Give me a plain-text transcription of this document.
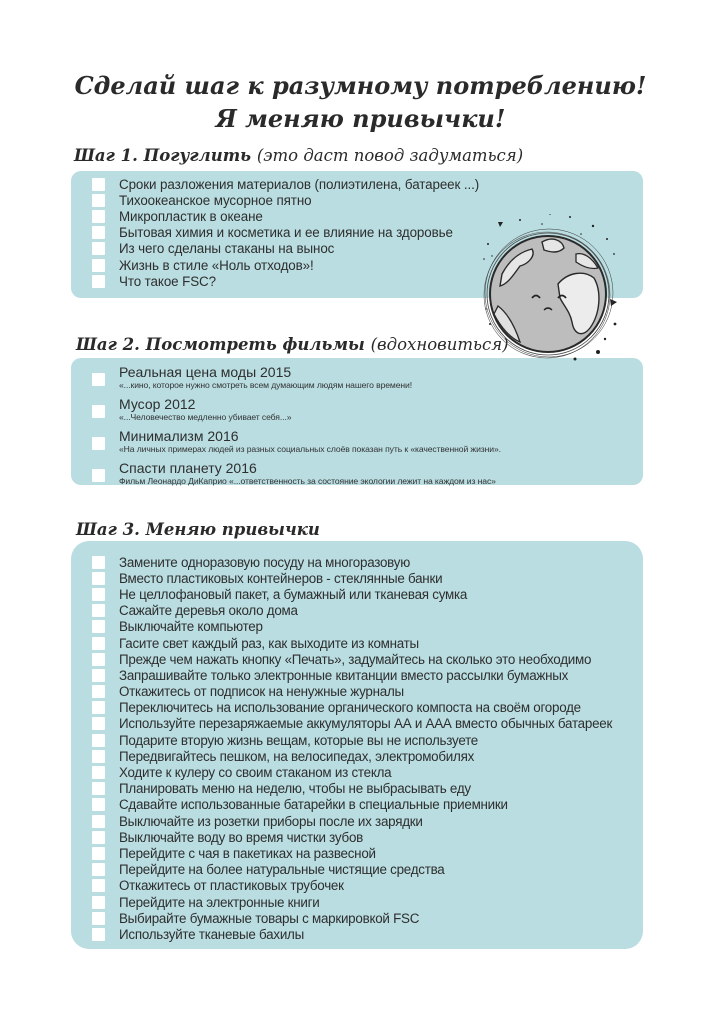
Сделай шаг к разумному потреблению!
Я меняю привычки!
Шаг 1. Погуглить (это даст повод задуматься)
Сроки разложения материалов (полиэтилена, батареек ...)
Тихоокеанское мусорное пятно
Микропластик в океане
Бытовая химия и косметика и ее влияние на здоровье
Из чего сделаны стаканы на вынос
Жизнь в стиле «Ноль отходов»!
Что такое FSC?
Шаг 2. Посмотреть фильмы (вдохновиться)
Реальная цена моды 2015
«...кино, которое нужно смотреть всем думающим людям нашего времени!
Мусор 2012
«...Человечество медленно убивает себя...»
Минимализм 2016
«На личных примерах людей из разных социальных слоёв показан путь к «качественной жизни».
Спасти планету 2016
Фильм Леонардо ДиКаприо «...ответственность за состояние экологии лежит на каждом из нас»
Шаг 3. Меняю привычки
Замените одноразовую посуду на многоразовую
Вместо пластиковых контейнеров - стеклянные банки
Не целлофановый пакет, а бумажный или тканевая сумка
Сажайте деревья около дома
Выключайте компьютер
Гасите свет каждый раз, как выходите из комнаты
Прежде чем нажать кнопку «Печать», задумайтесь на сколько это необходимо
Запрашивайте только электронные квитанции вместо рассылки бумажных
Откажитесь от подписок на ненужные журналы
Переключитесь на использование органического компоста на своём огороде
Используйте перезаряжаемые аккумуляторы АА и ААА вместо обычных батареек
Подарите вторую жизнь вещам, которые вы не используете
Передвигайтесь пешком, на велосипедах, электромобилях
Ходите к кулеру со своим стаканом из стекла
Планировать меню на неделю, чтобы не выбрасывать еду
Сдавайте использованные батарейки в специальные приемники
Выключайте из розетки приборы после их зарядки
Выключайте воду во время чистки зубов
Перейдите с чая в пакетиках на развесной
Перейдите на более натуральные чистящие средства
Откажитесь от пластиковых трубочек
Перейдите на электронные книги
Выбирайте бумажные товары с маркировкой FSC
Используйте тканевые бахилы
